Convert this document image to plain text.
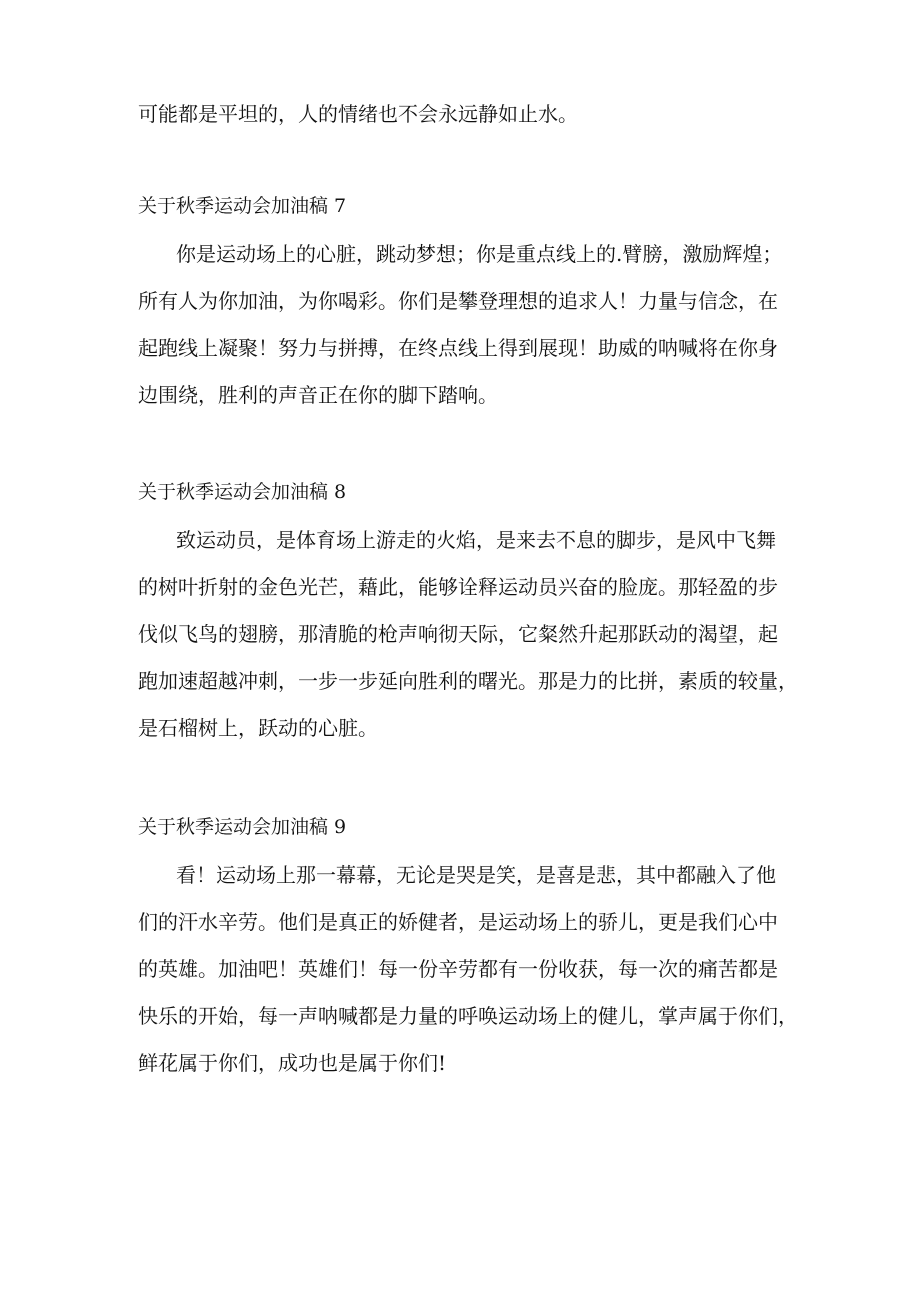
可能都是平坦的，人的情绪也不会永远静如止水。
关于秋季运动会加油稿 7
你是运动场上的心脏，跳动梦想；你是重点线上的.臂膀，激励辉煌；
所有人为你加油，为你喝彩。你们是攀登理想的追求人！力量与信念，在
起跑线上凝聚！努力与拼搏，在终点线上得到展现！助威的呐喊将在你身
边围绕，胜利的声音正在你的脚下踏响。
关于秋季运动会加油稿 8
致运动员，是体育场上游走的火焰，是来去不息的脚步，是风中飞舞
的树叶折射的金色光芒，藉此，能够诠释运动员兴奋的脸庞。那轻盈的步
伐似飞鸟的翅膀，那清脆的枪声响彻天际，它粲然升起那跃动的渴望，起
跑加速超越冲刺，一步一步延向胜利的曙光。那是力的比拼，素质的较量，
是石榴树上，跃动的心脏。
关于秋季运动会加油稿 9
看！运动场上那一幕幕，无论是哭是笑，是喜是悲，其中都融入了他
们的汗水辛劳。他们是真正的娇健者，是运动场上的骄儿，更是我们心中
的英雄。加油吧！英雄们！每一份辛劳都有一份收获，每一次的痛苦都是
快乐的开始，每一声呐喊都是力量的呼唤运动场上的健儿，掌声属于你们，
鲜花属于你们，成功也是属于你们!
